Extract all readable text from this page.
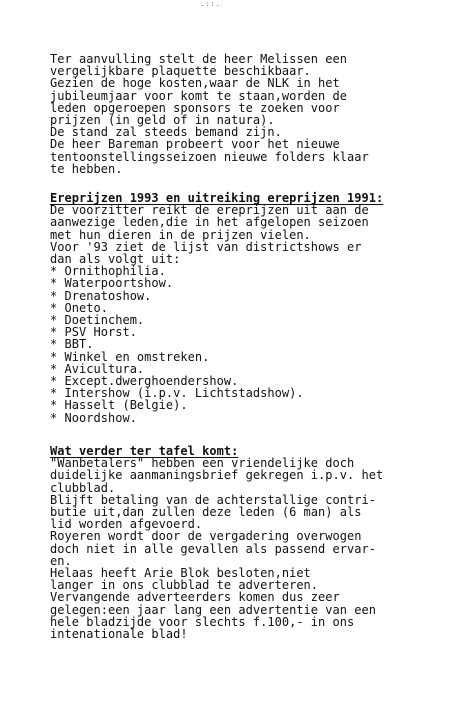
.::.
Ter aanvulling stelt de heer Melissen een
vergelijkbare plaquette beschikbaar.
Gezien de hoge kosten,waar de NLK in het
jubileumjaar voor komt te staan,worden de
leden opgeroepen sponsors te zoeken voor
prijzen (in geld of in natura).
De stand zal steeds bemand zijn.
De heer Bareman probeert voor het nieuwe
tentoonstellingsseizoen nieuwe folders klaar
te hebben.
Ereprijzen 1993 en uitreiking ereprijzen 1991:
De voorzitter reikt de ereprijzen uit aan de
aanwezige leden,die in het afgelopen seizoen
met hun dieren in de prijzen vielen.
Voor '93 ziet de lijst van districtshows er
dan als volgt uit:
* Ornithophilia.
* Waterpoortshow.
* Drenatoshow.
* Oneto.
* Doetinchem.
* PSV Horst.
* BBT.
* Winkel en omstreken.
* Avicultura.
* Except.dwerghoendershow.
* Intershow (i.p.v. Lichtstadshow).
* Hasselt (Belgie).
* Noordshow.
Wat verder ter tafel komt:
"Wanbetalers" hebben een vriendelijke doch
duidelijke aanmaningsbrief gekregen i.p.v. het
clubblad.
Blijft betaling van de achterstallige contri-
butie uit,dan zullen deze leden (6 man) als
lid worden afgevoerd.
Royeren wordt door de vergadering overwogen
doch niet in alle gevallen als passend ervar-
en.
Helaas heeft Arie Blok besloten,niet
langer in ons clubblad te adverteren.
Vervangende adverteerders komen dus zeer
gelegen:een jaar lang een advertentie van een
hele bladzijde voor slechts f.100,- in ons
intenationale blad!
